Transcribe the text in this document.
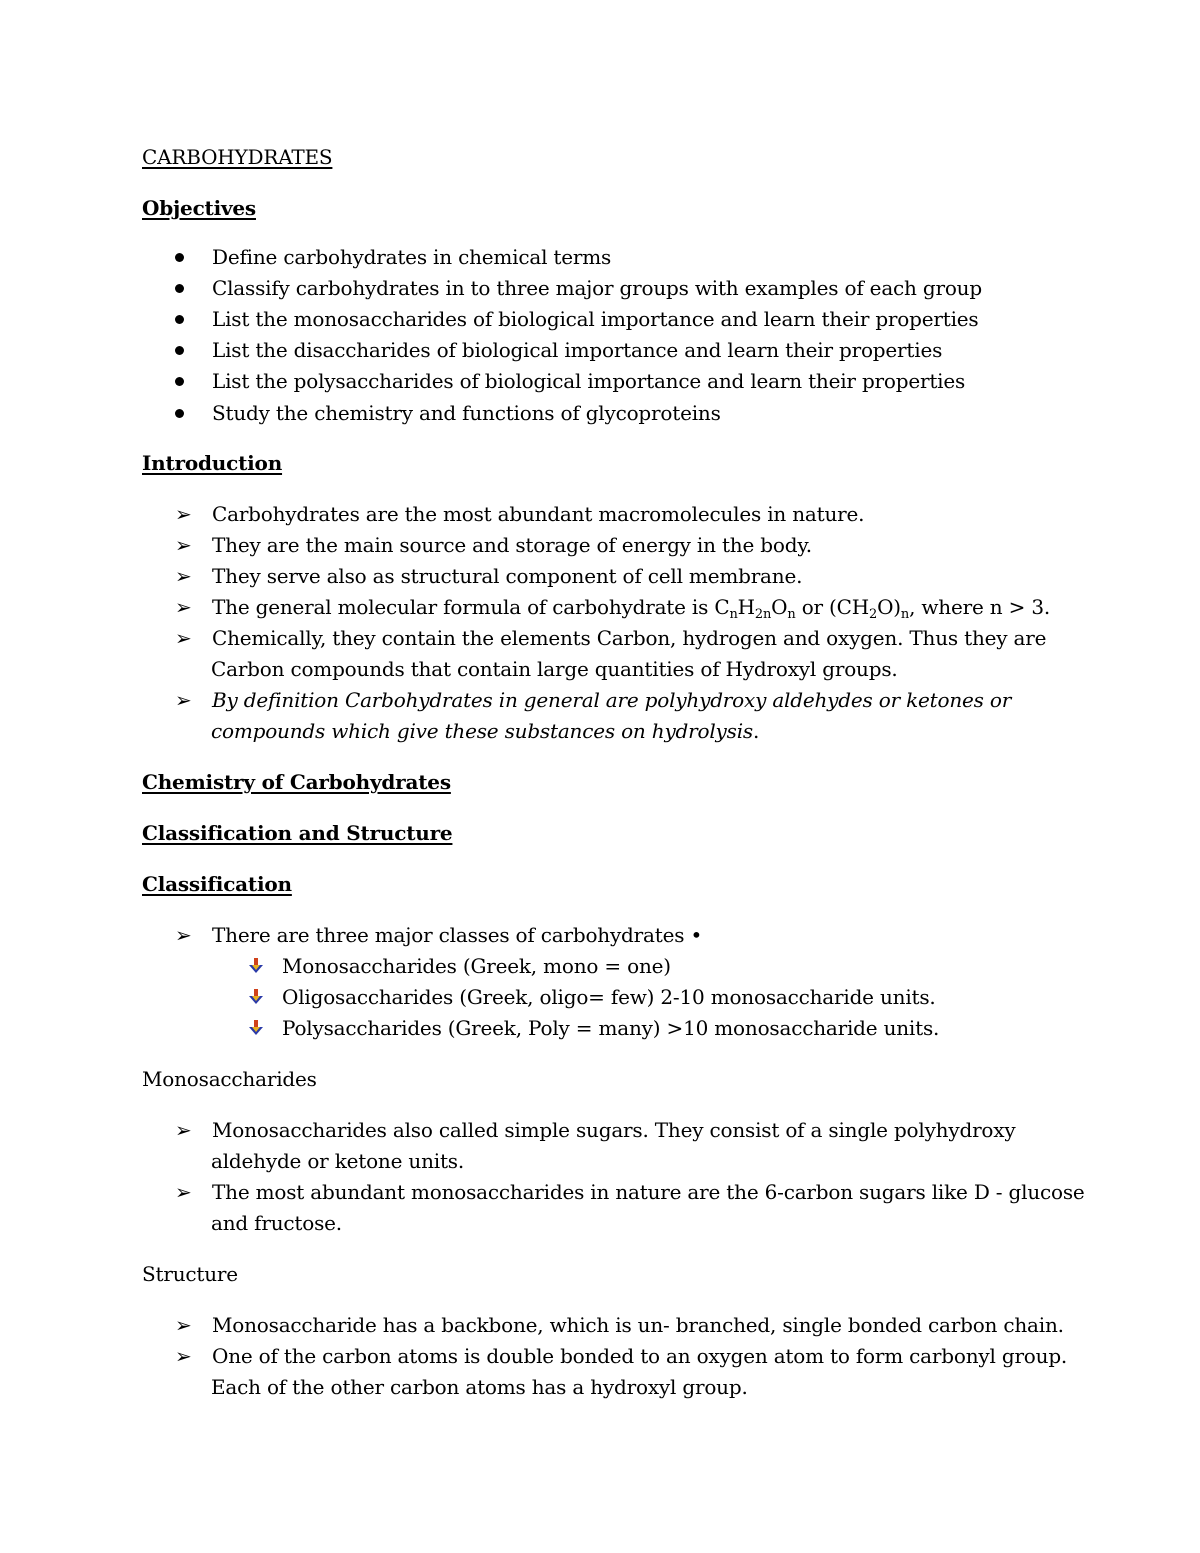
CARBOHYDRATES
Objectives
Define carbohydrates in chemical terms
Classify carbohydrates in to three major groups with examples of each group
List the monosaccharides of biological importance and learn their properties
List the disaccharides of biological importance and learn their properties
List the polysaccharides of biological importance and learn their properties
Study the chemistry and functions of glycoproteins
Introduction
➢ Carbohydrates are the most abundant macromolecules in nature.
➢ They are the main source and storage of energy in the body.
➢ They serve also as structural component of cell membrane.
➢ The general molecular formula of carbohydrate is $C_nH_{2n}O_n$ or $(CH_2O)_n$, where n > 3.
➢ Chemically, they contain the elements Carbon, hydrogen and oxygen. Thus they are
Carbon compounds that contain large quantities of Hydroxyl groups.
➢ By definition Carbohydrates in general are polyhydroxy aldehydes or ketones or
compounds which give these substances on hydrolysis.
Chemistry of Carbohydrates
Classification and Structure
Classification
➢ There are three major classes of carbohydrates •
Monosaccharides (Greek, mono = one)
Oligosaccharides (Greek, oligo= few) 2-10 monosaccharide units.
Polysaccharides (Greek, Poly = many) >10 monosaccharide units.
Monosaccharides
➢ Monosaccharides also called simple sugars. They consist of a single polyhydroxy
aldehyde or ketone units.
➢ The most abundant monosaccharides in nature are the 6-carbon sugars like D - glucose
and fructose.
Structure
➢ Monosaccharide has a backbone, which is un- branched, single bonded carbon chain.
➢ One of the carbon atoms is double bonded to an oxygen atom to form carbonyl group.
Each of the other carbon atoms has a hydroxyl group.
